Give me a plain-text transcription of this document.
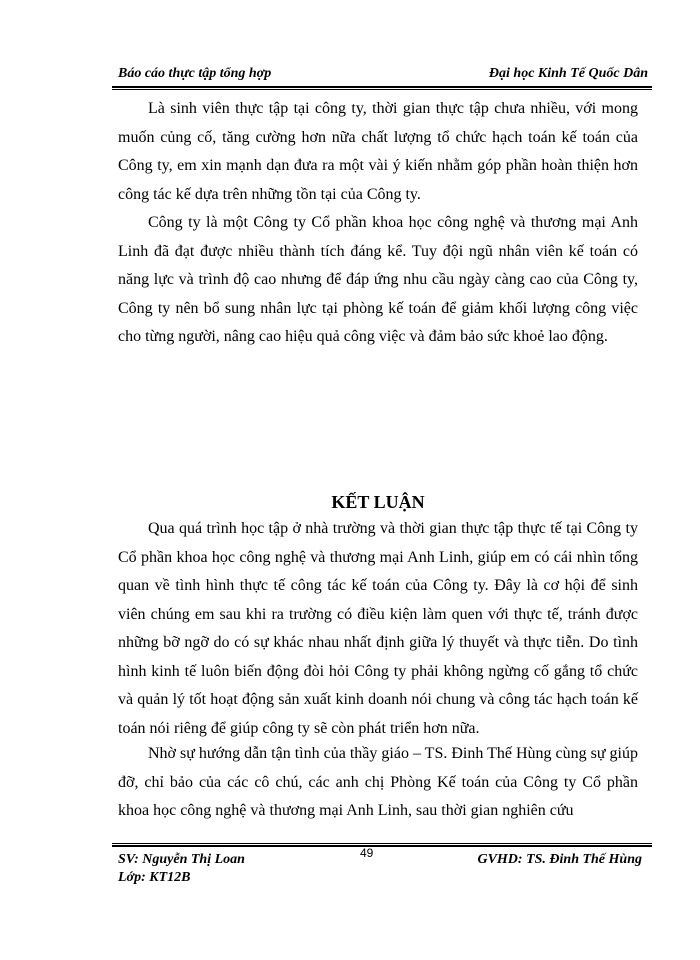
Báo cáo thực tập tổng hợp	Đại học Kinh Tế Quốc Dân

Là sinh viên thực tập tại công ty, thời gian thực tập chưa nhiều, với mong muốn củng cố, tăng cường hơn nữa chất lượng tổ chức hạch toán kế toán của Công ty, em xin mạnh dạn đưa ra một vài ý kiến nhằm góp phần hoàn thiện hơn công tác kế dựa trên những tồn tại của Công ty.

Công ty là một Công ty Cổ phần khoa học công nghệ và thương mại Anh Linh đã đạt được nhiều thành tích đáng kể. Tuy đội ngũ nhân viên kế toán có năng lực và trình độ cao nhưng để đáp ứng nhu cầu ngày càng cao của Công ty, Công ty nên bổ sung nhân lực tại phòng kế toán để giảm khối lượng công việc cho từng người, nâng cao hiệu quả công việc và đảm bảo sức khoẻ lao động.

KẾT LUẬN

Qua quá trình học tập ở nhà trường và thời gian thực tập thực tế tại Công ty Cổ phần khoa học công nghệ và thương mại Anh Linh, giúp em có cái nhìn tổng quan về tình hình thực tế công tác kế toán của Công ty. Đây là cơ hội để sinh viên chúng em sau khi ra trường có điều kiện làm quen với thực tế, tránh được những bỡ ngỡ do có sự khác nhau nhất định giữa lý thuyết và thực tiễn. Do tình hình kinh tế luôn biến động đòi hỏi Công ty phải không ngừng cố gắng tổ chức và quản lý tốt hoạt động sản xuất kinh doanh nói chung và công tác hạch toán kế toán nói riêng để giúp công ty sẽ còn phát triển hơn nữa.

Nhờ sự hướng dẫn tận tình của thầy giáo – TS. Đinh Thế Hùng cùng sự giúp đỡ, chỉ bảo của các cô chú, các anh chị Phòng Kế toán của Công ty Cổ phần khoa học công nghệ và thương mại Anh Linh, sau thời gian nghiên cứu

SV: Nguyễn Thị Loan
Lớp: KT12B
49	GVHD: TS. Đinh Thế Hùng
